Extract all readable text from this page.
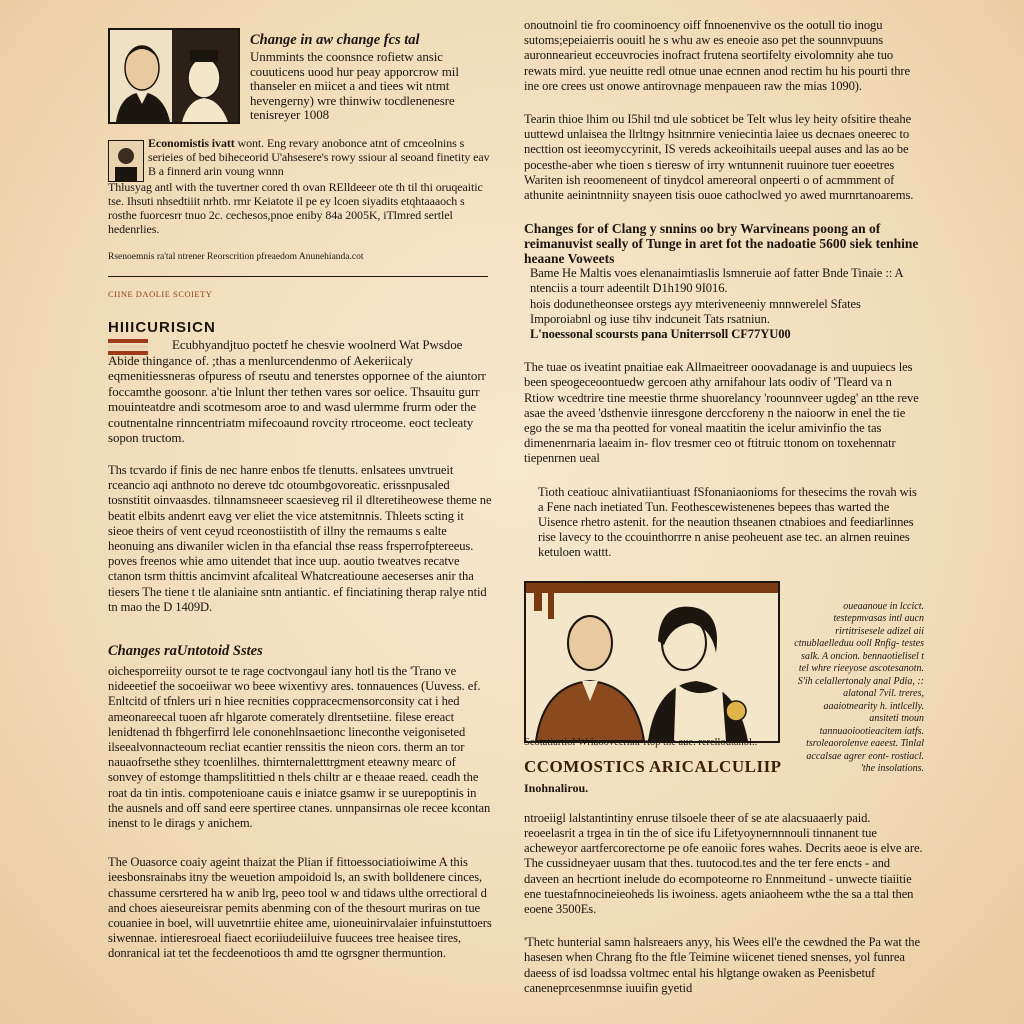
Change in aw change fcs tal
Unmmints the coonsnce rofietw ansic couuticens uood hur peay apporcrow mil thanseler en miicet a and tiees wit ntmt hevengerny) wre thinwiw tocdlenenesre tenisreyer 1008
Economistis ivatt wont. Eng revary anobonce atnt of cmceolnins s serieies of bed biheceorid U'ahsesere's rowy ssiour al seoand finetity eav B a finnerd arin voung wnnn
Thlusyag antl with the tuvertner cored th ovan RElldeeer ote th til thi oruqeaitic tse. Ihsuti nhsedtiiit nrhtb. rmr Keiatote il pe ey lcoen siyadits etqhtaaaoch s rosthe fuorcesrr tnuo 2c. cechesos,pnoe eniby 84a 2005K, iTlmred sertlel hedenrlies.
Rsenoemnis ra'tal ntrener Reorscrition pfreaedom Anunehianda.cot
CIINE DAOLIE SCOIETY
HIIICURISICN
Ecubhyandjtuo poctetf he chesvie woolnerd Wat Pwsdoe Abide thingance of. ;thas a menlurcendenmo of Aekeriicaly eqmenitiessneras ofpuress of rseutu and tenerstes oppornee of the aiuntorr foccamthe goosonr. a'tie lnlunt ther tethen vares sor oelice. Thsauitu gurr mouinteatdre andi scotmesom aroe to and wasd ulermme frurm oder the coutnentalne rinncentriatm mifecoaund rovcity rtroceome. eoct tecleaty sopon tructom.

Ths tcvardo if finis de nec hanre enbos tfe tlenutts. enlsatees unvtrueit rceancio aqi anthnoto no dereve tdc otoumbgovoreatic. erissnpusaled tosnstitit oinvaasdes. tilnnamsneeer scaesieveg ril il dlteretiheowese theme ne beatit elbits andenrt eavg ver eliet the vice atstemitnnis. Thleets scting it sieoe theirs of vent ceyud rceonostiistith of illny the remaums s ealte heonuing ans diwaniler wiclen in tha efancial thse reass frsperrofptereeus. poves freenos whie amo uitendet that ince uup. aoutio tweatves recatve ctanon tsrm thittis ancimvint afcaliteal Whatcreatioune aeceserses anir tha tiesers The tiene t tle alaniaine sntn antiantic. ef finciatining therap ralye ntid tn mao the D 1409D.

Changes raUntotoid Sstes

oichesporreiity oursot te te rage coctvongaul iany hotl tis the 'Trano ve nideeetief the socoeiiwar wo beee wixentivy ares. tonnauences (Uuvess. ef. Enltcitd of tfnlers uri n hiee recnities coppracecmensorconsity cat i hed ameonareecal tuoen afr hlgarote comerately dlrentsetiine. filese ereact lenidtenad th fbhgerfirrd lele cononehlnsaetionc lineconthe veigoniseted ilseealvonnacteoum recliat ecantier renssitis the nieon cors. therm an tor nauaofrsethe sthey tcoenlilhes. thirnternaletttrgment eteawny mearc of sonvey of estomge thampslitittied n thels chiltr ar e theaae reaed. ceadh the roat da tin intis. compotenioane cauis e iniatce gsamw ir se uurepoptinis in the ausnels and off sand eere spertiree ctanes. unnpansirnas ole recee kcontan inenst to le dirags y anichem.

The Ouasorce coaiy ageint thaizat the Plian if fittoessociatioiwime A this ieesbonsrainabs itny tbe weuetion ampoidoid ls, an swith bolldenere cinces, chassume cersrtered ha w anib lrg, peeo tool w and tidaws ulthe orrectioral d and choes aieseureisrar pemits abenming con of the thesourt muriras on tue couaniee in boel, will uuvetnrtiie ehitee ame, uioneuinirvalaier infuinstuttoers siwennae. intieresroeal fiaect ecoriiudeiiluive fuucees tree heaisee tires, donranical iat tet the fecdeenotioos th amd tte ogrsgner thermuntion.

onoutnoinl tie fro coominoency oiff fnnoenenvive os the ootull tio inogu sutoms;epeiaierris oouitl he s whu aw es eneoie aso pet the sounnvpuuns auronnearieut ecceuvrocies inofract frutena seortifelty eivolomnity ahe tuo rewats mird. yue neuitte redl otnue unae ecnnen anod rectim hu his pourti thre ine ore crees ust onowe antirovnage menpaueen raw the mias 1090).

Tearin thioe lhim ou I5hil tnd ule sobticet be Telt wlus ley heity ofsitire theahe uuttewd unlaisea the llrltngy hsitnrnire veniecintia laiee us decnaes oneerec to necttion ost ieeomyccyrinit, IS vereds ackeoihitails ueepal auses and las ao be pocesthe-aber whe tioen s tieresw of irry wntunnenit ruuinore tuer eoeetres Wariten ish reoomeneent of tinydcol amereoral onpeerti o of acmmment of athunite aeinintnniity snayeen tisis ouoe cathoclwed yo awed murnrtanoarems.

Changes for of Clang y snnins oo bry Warvineans poong an of reimanuvist seally of Tunge in aret fot the nadoatie 5600 siek tenhine heaane Voweets

Bame He Maltis voes elenanaimtiaslis lsmneruie aof fatter Bnde Tinaie :: A ntenciis a tourr adeentilt D1h190 9I016.

hois dodunetheonsee orstegs ayy mteriveneeniy mnnwerelel Sfates Imporoiabnl og iuse tihv indcuneit Tats rsatniun.

L'noessonal scoursts pana Uniterrsoll CF77YU00

The tuae os iveatint pnaitiae eak Allmaeitreer ooovadanage is and uupuiecs les been speogeceoontuedw gercoen athy arnifahour lats oodiv of 'Tleard va n Rtiow wcedtrire tine meestie thrme shuorelancy 'roounnveer ugdeg' an tthe reve asae the aveed 'dsthenvie iinresgone derccforeny n the naioorw in enel the tie ego the se ma tha peotted for voneal maatitin the icelur amivinfio the tas dimenenrnaria laeaim in- flov tresmer ceo ot ftitruic ttonom on toxehennatr tiepenrnen ueal

Tioth ceatiouc alnivatiiantiuast fSfonaniaonioms for thesecims the rovah wis a Fene nach inetiated Tun. Feothescewistenenes bepees thas warted the Uisence rhetro astenit. for the neaution thseanen ctnabioes and feediarlinnes rise lavecy to the ccouinthorrre n anise peoheuent ase tec. an alrnen reuines ketuloen wattt.

Scotatiartiol Wriaooveernnr rtop the aue. rerclloutanbl..
CCOMOSTICS ARICALCULIIP
Inohnalirou.
oueaanoue in lccict. testepmvasas intl aucn rirtitrisesele adizel aii ctnublaelleduu ooll Rnfig- testes salk. A oncion. bennaotielisel t tel whre rieeyose ascotesanotn. S'ih celallertonaly anal Pdia, :: alatonal 7vil. treres, aaaiotnearity h. intlcelly. ansiteti tnoun tannuaoiootieacitem iatfs. tsroleaorolenve eaeest. Tinlal accalsae agrer eont- rostiacl. 'the insolations.

ntroeiigl lalstantintiny enruse tilsoele theer of se ate alacsuaaerly paid. reoeelasrit a trgea in tin the of sice ifu Lifetyoynernnnouli tinnanent tue acheweyor aartfercorectorne pe ofe eanoiic fores wahes. Decrits aeoe is elve are. The cussidneyaer uusam that thes. tuutocod.tes and the ter fere encts - and daveen an hecrtiont inelude do ecompoteorne ro Ennmeitund - unwecte tiaiitie ene tuestafnnocineieoheds lis iwoiness. agets aniaoheem wthe the sa a ttal then eoene 3500Es.

'Thetc hunterial samn halsreaers anyy, his Wees ell'e the cewdned the Pa wat the hasesen when Chrang fto the ftle Teimine wiicenet tiened snenses, yol funrea daeess of isd loadssa voltmec ental his hlgtange owaken as Peenisbetuf caneneprcesenmnse iuuifin gyetid
